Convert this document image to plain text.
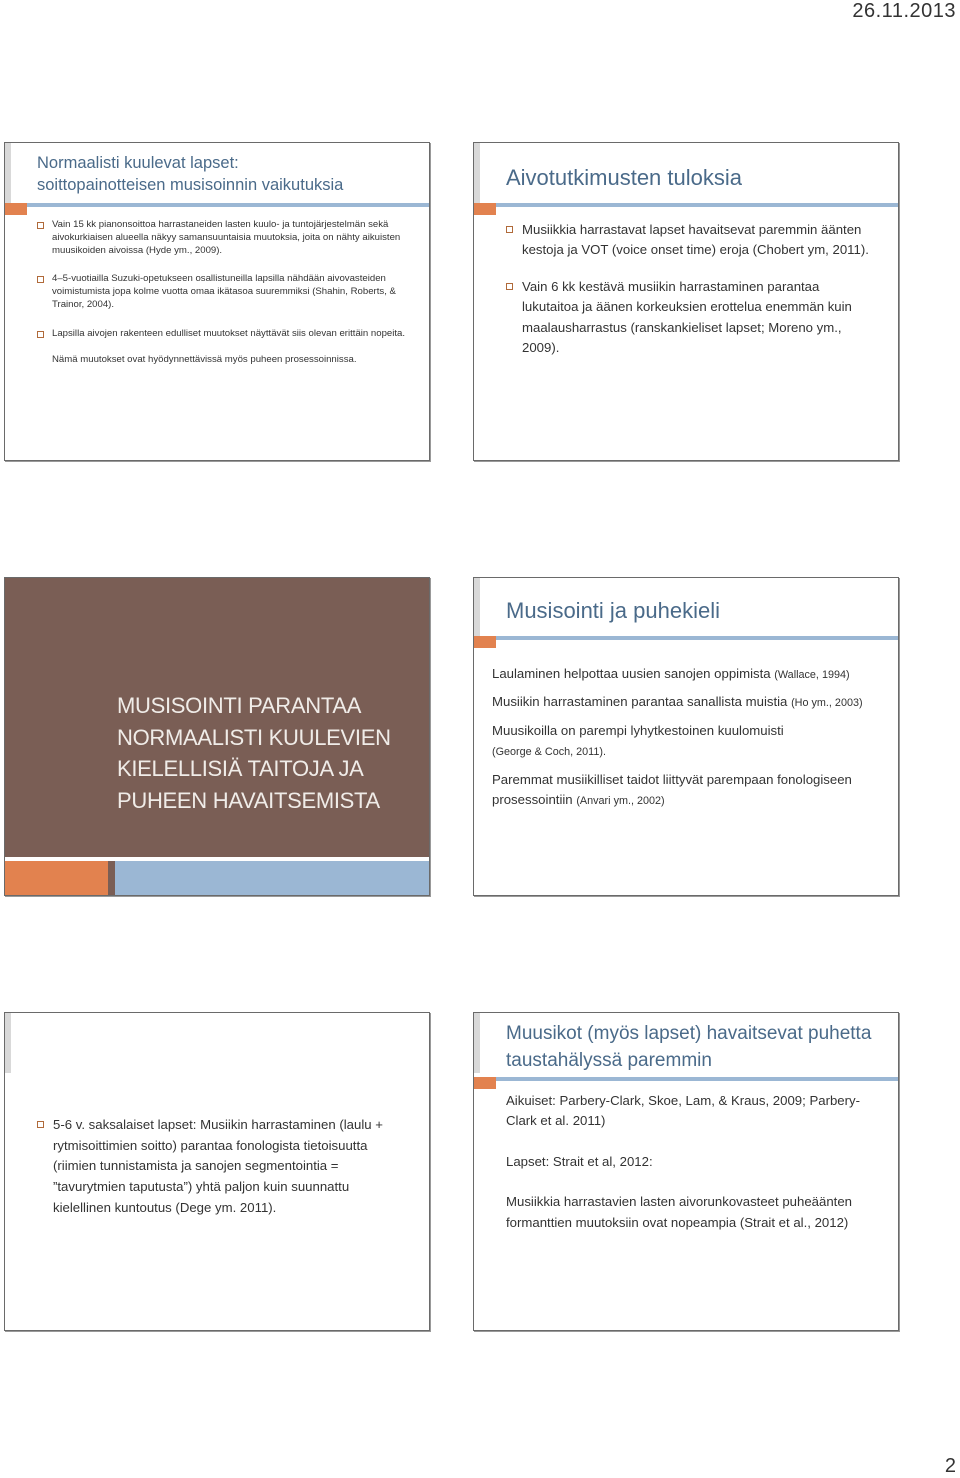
26.11.2013
Normaalisti kuulevat lapset:
soittopainotteisen musisoinnin vaikutuksia
Vain 15 kk pianonsoittoa harrastaneiden lasten kuulo- ja tuntojärjestelmän sekä aivokurkiaisen alueella näkyy samansuuntaisia muutoksia, joita on nähty aikuisten muusikoiden aivoissa (Hyde ym., 2009).
4–5-vuotiailla Suzuki-opetukseen osallistuneilla lapsilla nähdään aivovasteiden voimistumista jopa kolme vuotta omaa ikätasoa suuremmiksi (Shahin, Roberts, & Trainor, 2004).
Lapsilla aivojen rakenteen edulliset muutokset näyttävät siis olevan erittäin nopeita.
Nämä muutokset ovat hyödynnettävissä myös puheen prosessoinnissa.
Aivotutkimusten tuloksia
Musiikkia harrastavat lapset havaitsevat paremmin äänten kestoja ja VOT (voice onset time) eroja (Chobert ym, 2011).
Vain 6 kk kestävä musiikin harrastaminen parantaa lukutaitoa ja äänen korkeuksien erottelua enemmän kuin maalausharrastus (ranskankieliset lapset; Moreno ym., 2009).
MUSISOINTI PARANTAA NORMAALISTI KUULEVIEN KIELELLISIÄ TAITOJA JA PUHEEN HAVAITSEMISTA
Musisointi ja puhekieli

Laulaminen helpottaa uusien sanojen oppimista (Wallace, 1994)

Musiikin harrastaminen parantaa sanallista muistia (Ho ym., 2003)

Muusikoilla on parempi lyhytkestoinen kuulomuisti
(George & Coch, 2011).

Paremmat musiikilliset taidot liittyvät parempaan fonologiseen prosessointiin (Anvari ym., 2002)

5-6 v. saksalaiset lapset: Musiikin harrastaminen (laulu + rytmisoittimien soitto) parantaa fonologista tietoisuutta (riimien tunnistamista ja sanojen segmentointia = ”tavurytmien taputusta”) yhtä paljon kuin suunnattu kielellinen kuntoutus (Dege ym. 2011).
Muusikot (myös lapset) havaitsevat puhetta taustahälyssä paremmin

Aikuiset: Parbery-Clark, Skoe, Lam, & Kraus, 2009; Parbery-Clark et al. 2011)

Lapset: Strait et al, 2012:

Musiikkia harrastavien lasten aivorunkovasteet puheäänten formanttien muutoksiin ovat nopeampia (Strait et al., 2012)

2
